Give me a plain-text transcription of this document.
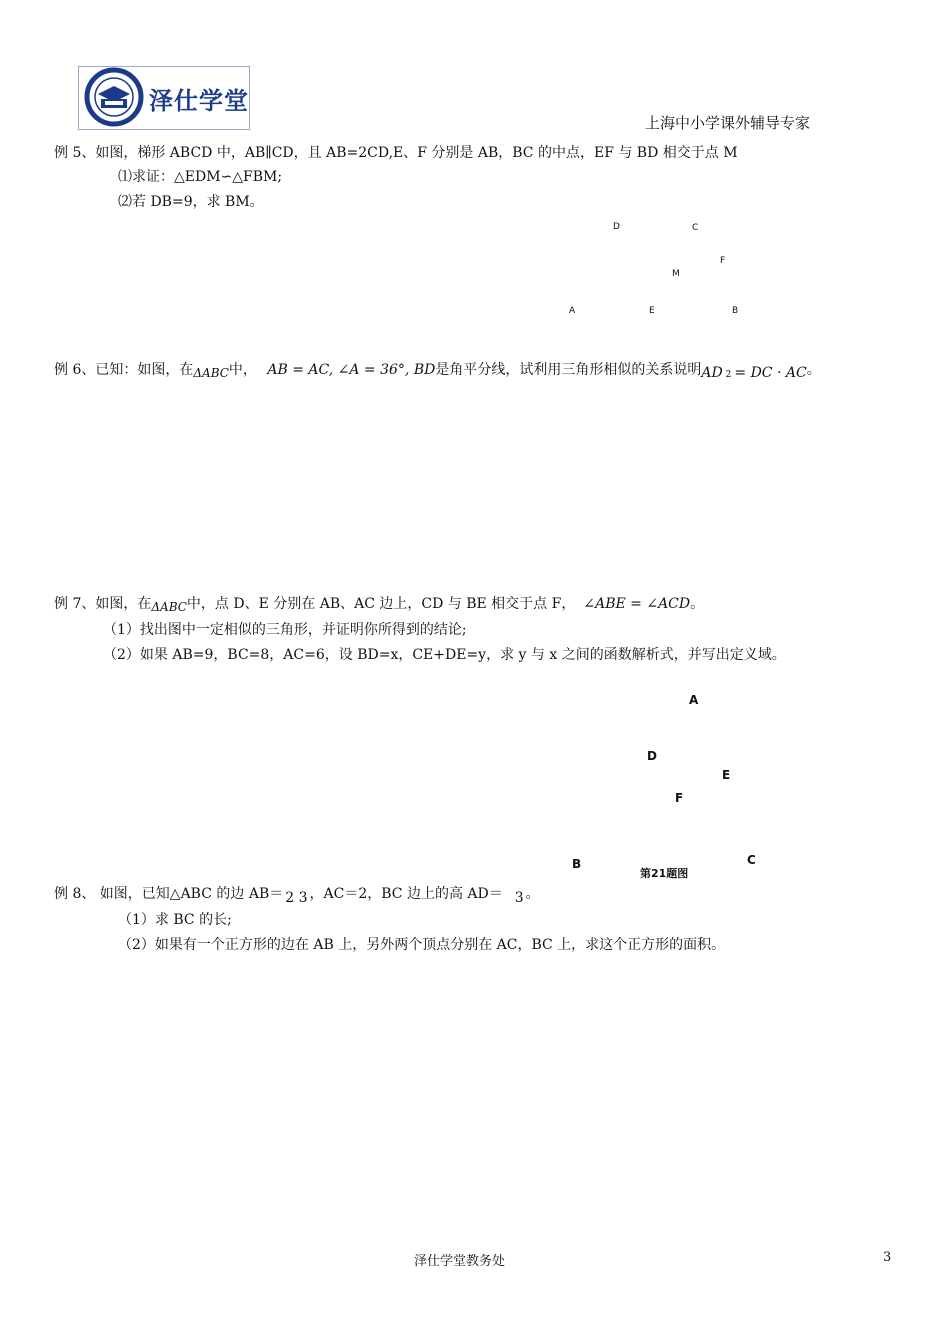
泽仕学堂
上海中小学课外辅导专家
例 5、如图，梯形 ABCD 中，AB∥CD，且 AB=2CD,E、F 分别是 AB，BC 的中点，EF 与 BD 相交于点 M
⑴求证：△EDM∽△FBM;
⑵若 DB=9，求 BM。
D	C
F
M
A	E	B
例 6、已知：如图，在ΔABC中， AB = AC, ∠A = 36°, BD是角平分线，试利用三角形相似的关系说明AD $_2$ = DC · AC。
例 7、如图，在ΔABC中，点 D、E 分别在 AB、AC 边上，CD 与 BE 相交于点 F， ∠ABE = ∠ACD。
（1）找出图中一定相似的三角形，并证明你所得到的结论;
（2）如果 AB=9，BC=8，AC=6，设 BD=x，CE+DE=y，求 y 与 x 之间的函数解析式，并写出定义域。
A
D
E
F
B	C
第21题图
例 8、 如图，已知△ABC 的边 AB＝ 2 3 ，AC＝2，BC 边上的高 AD＝ 3 。
（1）求 BC 的长;
（2）如果有一个正方形的边在 AB 上，另外两个顶点分别在 AC，BC 上，求这个正方形的面积。
泽仕学堂教务处	3
